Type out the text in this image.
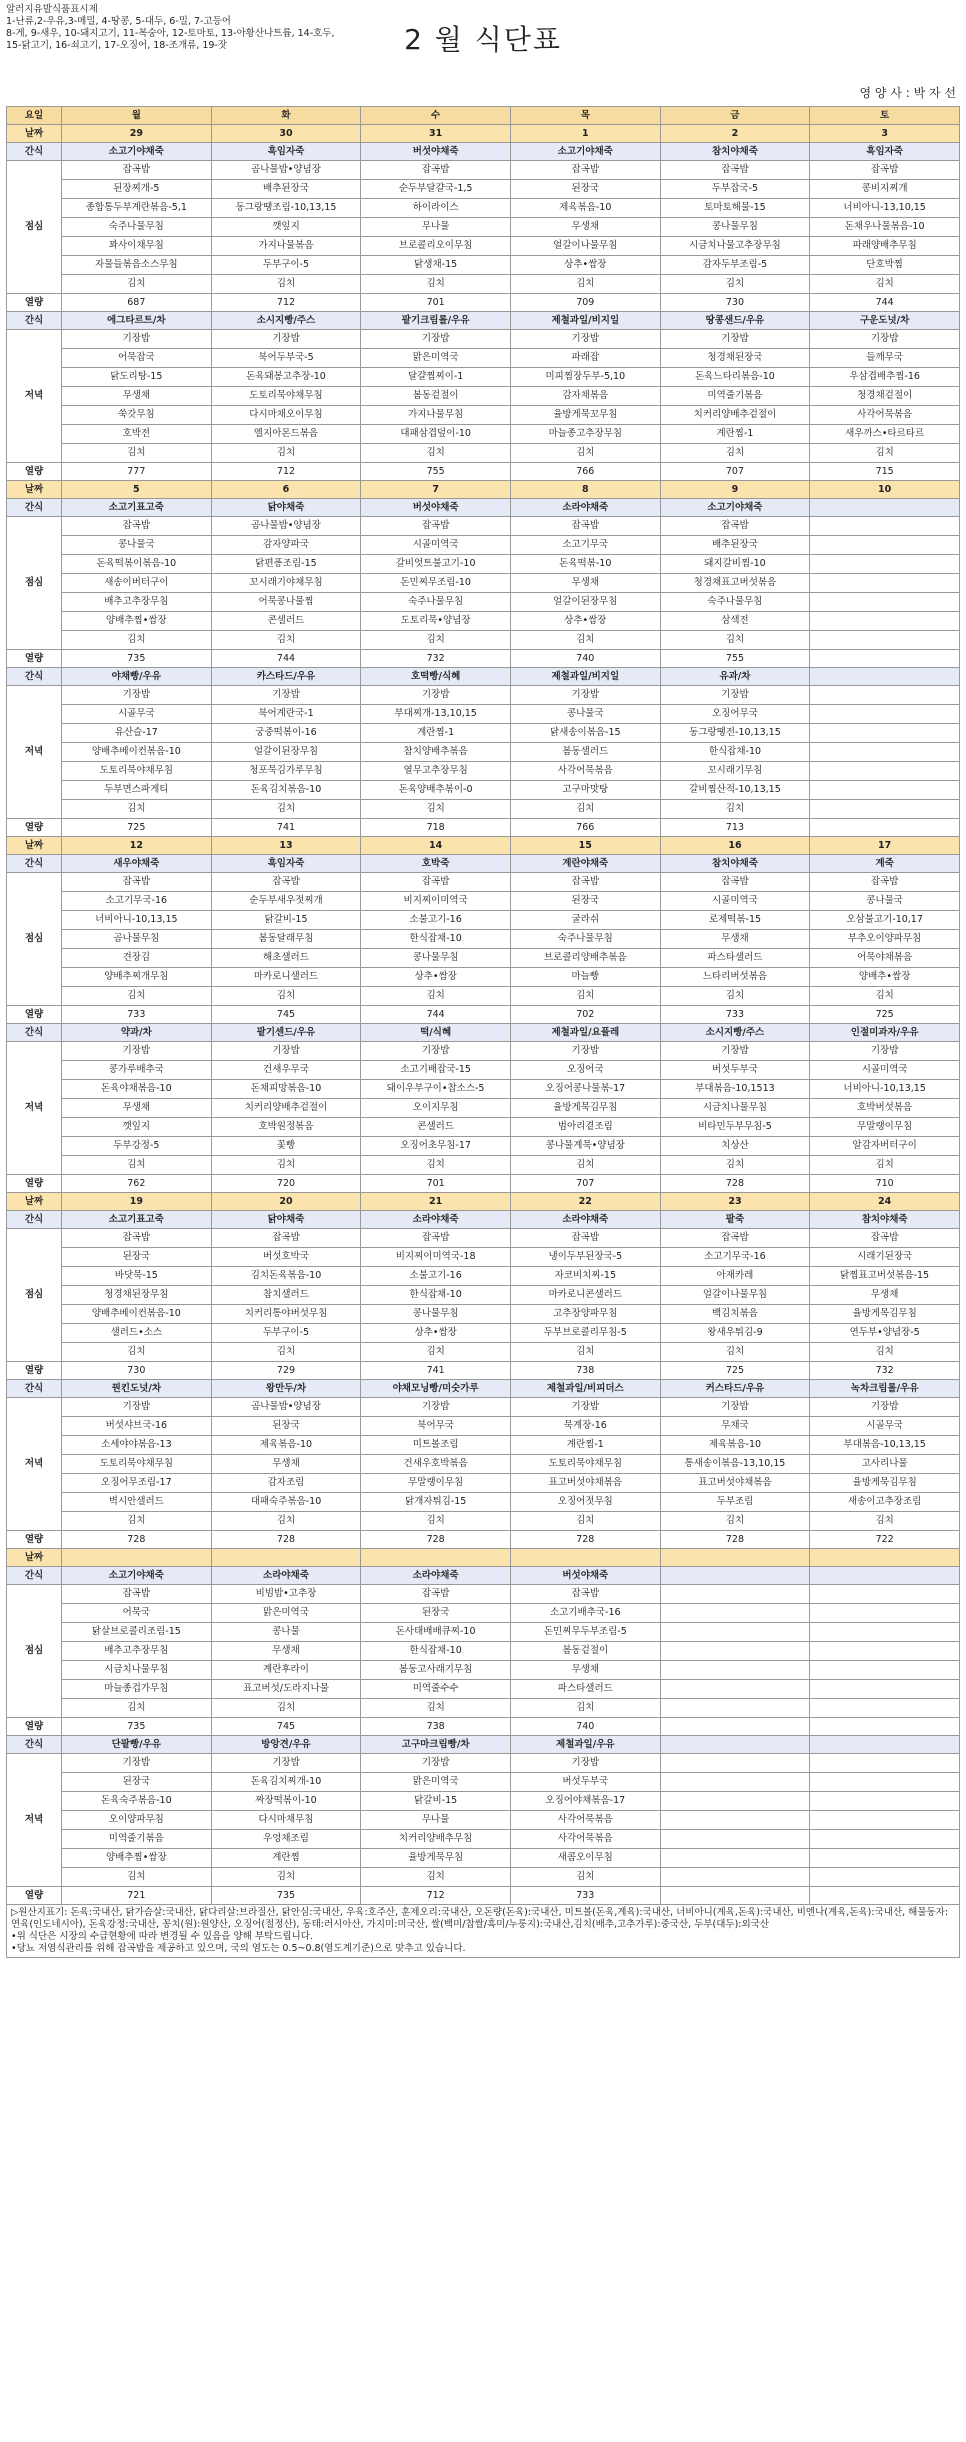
알러지유발식품표시제
1-난류,2-우유,3-메밀, 4-땅콩, 5-대두, 6-밀, 7-고등어
8-게, 9-새우, 10-돼지고기, 11-복숭아, 12-토마토, 13-아황산나트륨, 14-호두,
15-닭고기, 16-쇠고기, 17-오징어, 18-조개류, 19-잣	2 월 식단표
영 양 사 : 박 자 선
요일	월	화	수	목	금	토
날짜	29	30	31	1	2	3
간식	소고기야채죽	흑임자죽	버섯야채죽	소고기야채죽	참치야채죽	흑임자죽
점심	잡곡밥	곰나물밥•양념장	잡곡밥	잡곡밥	잡곡밥	잡곡밥
	된장찌개-5	배추된장국	순두부달걀국-1,5	된장국	두부잡국-5	콩비지찌개
	종합통두부계란볶음-5,1	동그랑땡조림-10,13,15	하이라이스	제육볶음-10	토마토해물-15	너비아니-13,10,15
	숙주나물무침	깻잎지	무나물	무생채	콩나물무침	돈채우나물볶음-10
	꽈사이채무침	가지나물볶음	브로콜리오이무침	얼갈이나물무침	시금치나물고추장무침	파래양배추무침
	자물들볶음소스무침	두부구이-5	닭생채-15	상추•쌈장	감자두부조림-5	단호박찜
	김치	김치	김치	김치	김치	김치
열량	687	712	701	709	730	744
간식	에그타르트/차	소시지빵/주스	팥기크림롤/우유	제철과일/비지일	땅콩샌드/우유	구운도넛/차
저녁	기장밥	기장밥	기장밥	기장밥	기장밥	기장밥
	어묵잡국	북어두부국-5	맑은미역국	파래잡	청경채된장국	들깨무국
	닭도리탕-15	돈육돼봉고추장-10	달걀찜찌이-1	미피찜장두부-5,10	돈육느타리볶음-10	우삼겹배추찜-16
	무생채	도토리묵야채무침	봄동겉절이	감자채볶음	미역줄기볶음	청경채겉절이
	쑥갓무침	다시마채오이무침	가지나물무침	율방게묵꼬무침	치커리양배추겉절이	사각어묵볶음
	호박전	엘지아몬드볶음	대패삼겹덮이-10	마늘종고추장무침	계란찜-1	새우까스•타르타르
	김치	김치	김치	김치	김치	김치
열량	777	712	755	766	707	715
날짜	5	6	7	8	9	10
간식	소고기표고죽	닭야채죽	버섯야채죽	소라야채죽	소고기야채죽	
점심	잡곡밥	곰나물밥•양념장	잡곡밥	잡곡밥	잡곡밥	
	콩나물국	감자양파국	시골미역국	소고기무국	배추된장국	
	돈육떡볶이볶음-10	닭편퐁조림-15	갈비엇트불고기-10	돈육떡볶-10	돼지갈비찜-10	
	새송이버터구이	꼬시래기야채무침	돈민찌무조림-10	무생채	청경채표고버섯볶음	
	배추고추장무침	어묵콩나물찜	숙주나물무침	얼갈이된장무침	숙주나물무침	
	양배추찜•쌈장	콘샐러드	도토리묵•양념장	상추•쌈장	삼색전	
	김치	김치	김치	김치	김치	
열량	735	744	732	740	755	
간식	야채빵/우유	카스타드/우유	호떡빵/식혜	제철과일/비지일	유과/차	
저녁	기장밥	기장밥	기장밥	기장밥	기장밥	
	시골무국	북어계란국-1	부대찌개-13,10,15	콩나물국	오징어무국	
	유산슬-17	궁중떡볶이-16	계란찜-1	닭새송이볶음-15	동그랑땡전-10,13,15	
	양배추베이컨볶음-10	얼갈이된장무침	참치양배추볶음	봄동샐러드	한식잡채-10	
	도토리묵야채무침	청포묵김가루무침	열무고추장무침	사각어묵볶음	꼬시래기무침	
	두부면스파게티	돈육김치볶음-10	돈육양배추볶이-0	고구마맛탕	갈비찜산적-10,13,15	
	김치	김치	김치	김치	김치	
열량	725	741	718	766	713	
날짜	12	13	14	15	16	17
간식	새우야채죽	흑임자죽	호박죽	계란야채죽	참치야채죽	계죽
점심	잡곡밥	잡곡밥	잡곡밥	잡곡밥	잡곡밥	잡곡밥
	소고기무국-16	순두부새우젓찌개	비지찌이미역국	된장국	시골미역국	콩나물국
	너비아니-10,13,15	닭갈비-15	소불고기-16	굴라쉬	로제떡볶-15	오삼불고기-10,17
	곰나물무침	봄동달래무침	한식잡채-10	숙주나물무침	무생채	부추오이양파무침
	견장김	해초샐러드	콩나물무침	브로콜리양배추볶음	파스타샐러드	어묵야채볶음
	양배추찌개무침	마카로니샐러드	상추•쌈장	마늘빵	느타리버섯볶음	양배추•쌈장
	김치	김치	김치	김치	김치	김치
열량	733	745	744	702	733	725
간식	약과/차	팥기센드/우유	떡/식혜	제철과일/요플레	소시지빵/주스	인절미과자/우유
저녁	기장밥	기장밥	기장밥	기장밥	기장밥	기장밥
	콩가루배추국	건새우무국	소고기배잡국-15	오징어국	버섯두부국	시골미역국
	돈육야채볶음-10	돈채피망볶음-10	돼이우부구이•찹소스-5	오징어콩나물볶-17	부대볶음-10,1513	너비아니-10,13,15
	무생채	치커리양배추겉절이	오이지무침	율방게묵김무침	시금치나물무침	호박버섯볶음
	깻잎지	호박원정볶음	콘샐러드	범아리곁조림	비타민두부무침-5	무말랭이무침
	두부강정-5	꽃빵	오징어초무침-17	콩나물계묵•양념장	치상산	알감자버터구이
	김치	김치	김치	김치	김치	김치
열량	762	720	701	707	728	710
날짜	19	20	21	22	23	24
간식	소고기표고죽	닭야채죽	소라야채죽	소라야채죽	팥죽	참치야채죽
점심	잡곡밥	잡곡밥	잡곡밥	잡곡밥	잡곡밥	잡곡밥
	된장국	버섯호박국	비지찌이미역국-18	냉이두부된장국-5	소고기무국-16	시래기된장국
	바닷묵-15	김치돈육볶음-10	소불고기-16	자코비치찌-15	아재카레	닭찜표고버섯볶음-15
	청경채된장무침	참치샐러드	한식잡채-10	마카로니콘샐러드	얼갈이나물무침	무생채
	양배추베이컨볶음-10	치커리통야버섯무침	콩나물무침	고추장양파무침	백김치볶음	율방게목김무침
	샐러드•소스	두부구이-5	상추•쌈장	두부브로콜리무침-5	왕새우튀김-9	연두부•양념장-5
	김치	김치	김치	김치	김치	김치
열량	730	729	741	738	725	732
간식	꿘킨도넛/차	왕만두/차	야채모닝빵/미숫가루	제철과일/비피더스	커스타드/우유	녹차크림롤/우유
저녁	기장밥	곰나물밥•양념장	기장밥	기장밥	기장밥	기장밥
	버섯샤브국-16	된장국	북어무국	묵계장-16	무채국	시골무국
	소세야야볶음-13	제육볶음-10	미트볼조림	계란찜-1	제육볶음-10	부대볶음-10,13,15
	도토리묵야채무침	무생채	건새우호박볶음	도토리묵야채무침	통새송이볶음-13,10,15	고사리나물
	오징어무조림-17	감자조림	무말랭이무침	표고버섯야채볶음	표고버섯야채볶음	율방게묵김무침
	벽시안샐러드	대패숙주볶음-10	닭개자튀김-15	오징어젓무침	두부조림	새송이고추장조림
	김치	김치	김치	김치	김치	김치
열량	728	728	728	728	728	722
날짜						
간식	소고기야채죽	소라야채죽	소라야채죽	버섯야채죽		
점심	잡곡밥	비빔밥•고추장	잡곡밥	잡곡밥		
	어묵국	맑은미역국	된장국	소고기배추국-16		
	닭살브로콜리조림-15	콩나물	돈사태배배큐찌-10	돈민찌무두부조림-5		
	배추고추장무침	무생채	한식잡채-10	봄동겉절이		
	시금치나물무침	계란후라이	봄동고사래기무침	무생채		
	마늘종겁가무침	표고버섯/도라지나물	미역줄수수	파스타샐러드		
	김치	김치	김치	김치		
열량	735	745	738	740		
간식	단팥빵/우유	방앙견/우유	고구마크림빵/차	제철과일/우유		
저녁	기장밥	기장밥	기장밥	기장밥		
	된장국	돈육김치찌개-10	맑은미역국	버섯두부국		
	돈육숙주볶음-10	짜장떡볶이-10	닭갈비-15	오징어야채볶음-17		
	오이양파무침	다시마채무침	무나물	사각어묵볶음		
	미역줄기볶음	우엉채조림	치커리양배추무침	사각어묵볶음		
	양배추찜•쌈장	계란찜	율방게묵무침	새콤오이무침		
	김치	김치	김치	김치		
열량	721	735	712	733		
▷원산지표기: 돈육:국내산, 닭가슴살:국내산, 닭다리살:브라질산, 닭안심:국내산, 우육:호주산, 훈제오리:국내산, 오돈량(돈육):국내산, 미트볼(돈육,계육):국내산, 너비아니(계육,돈육):국내산, 비엔나(계육,돈육):국내산, 해물동자:연육(인도네시아), 돈육강정:국내산, 꽁치(원):원양산, 오징어(절정산), 동태:러시아산, 가지미:미국산, 쌀(백미/찹쌀/흑미/누룽지):국내산,김치(배추,고추가루):중국산, 두부(대두):외국산
•위 식단은 시장의 수급현황에 따라 변경될 수 있음을 양해 부탁드립니다.
•당뇨 저염식관리를 위해 잡곡밥을 제공하고 있으며, 국의 염도는 0.5~0.8(염도계기준)으로 맞추고 있습니다.
